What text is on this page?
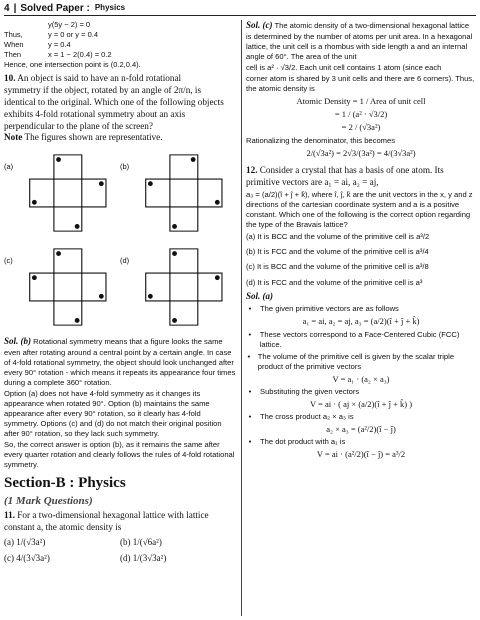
4 | Solved Paper : Physics
y(5y − 2) = 0
Thus,	y = 0 or y = 0.4
When	y = 0.4
Then	x = 1 − 2(0.4) = 0.2

Hence, one intersection point is (0.2,0.4).

10. An object is said to have an n-fold rotational
symmetry if the object, rotated by an angle of 2π/n, is
identical to the original. Which one of the following objects exhibits 4-fold rotational symmetry about an axis perpendicular to the plane of the screen?
Note The figures shown are representative.
(a)	(b)
(c)	(d)

Sol. (b) Rotational symmetry means that a figure looks the same even after rotating around a central point by a certain angle. In case of 4-fold rotational symmetry, the object should look unchanged after every 90° rotation - which means it repeats its appearance four times during a complete 360° rotation.

Option (a) does not have 4-fold symmetry as it changes its appearance when rotated 90°. Option (b) maintains the same appearance after every 90° rotation, so it clearly has 4-fold symmetry. Options (c) and (d) do not match their original position after 90° rotation, so they lack such symmetry.

So, the correct answer is option (b), as it remains the same after every quarter rotation and clearly follows the rules of 4-fold rotational symmetry.

Section-B : Physics
(1 Mark Questions)
11. For a two-dimensional hexagonal lattice with lattice constant a, the atomic density is
(a) 1/(√3a²)	(b) 1/(√6a²)
(c) 4/(3√3a²)	(d) 1/(3√3a²)

Sol. (c) The atomic density of a two-dimensional hexagonal lattice is determined by the number of atoms per unit area. In a hexagonal lattice, the unit cell is a rhombus with side length a and an internal angle of 60°. The area of the unit

cell is a² · √3/2. Each unit cell contains 1 atom (since each

corner atom is shared by 3 unit cells and there are 6 corners). Thus, the atomic density is

Atomic Density = 1 / Area of unit cell
= 1 / (a² · √3/2)
= 2 / (√3a²)

Rationalizing the denominator, this becomes

2/(√3a²) = 2√3/(3a²) = 4/(3√3a²)
12. Consider a crystal that has a basis of one atom. Its primitive vectors are a₁ = ai, a₂ = aj,

a₃ = (a/2)(î + ĵ + k̂), where î, ĵ, k̂ are the unit vectors in the x, y and z directions of the cartesian coordinate system and a is a positive constant. Which one of the following is the correct option regarding the type of the Bravais lattice?

(a) It is BCC and the volume of the primitive cell is a³/2

(b) It is FCC and the volume of the primitive cell is a³/4

(c) It is BCC and the volume of the primitive cell is a³/8

(d) It is FCC and the volume of the primitive cell is a³

Sol. (a)

•	The given primitive vectors are as follows
a₁ = ai, a₂ = aj, a₃ = (a/2)(î + ĵ + k̂)
•	These vectors correspond to a Face-Centered Cubic (FCC) lattice.
• The volume of the primitive cell is given by the scalar triple product of the primitive vectors
V = a₁ · (a₂ × a₃)
•	Substituting the given vectors
V = ai · ( aj × (a/2)(î + ĵ + k̂) )
•	The cross product a₂ × a₃ is
a₂ × a₃ = (a²/2)(î − ĵ)
•	The dot product with a₁ is
V = ai · (a²/2)(î − ĵ) = a³/2
